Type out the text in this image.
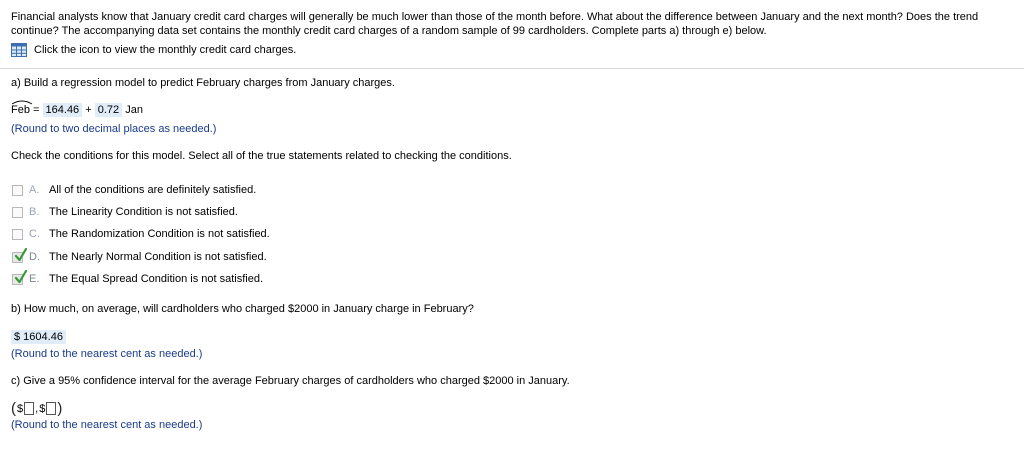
Financial analysts know that January credit card charges will generally be much lower than those of the month before. What about the difference between January and the next month? Does the trend continue? The accompanying data set contains the monthly credit card charges of a random sample of 99 cardholders. Complete parts a) through e) below.
Click the icon to view the monthly credit card charges.
a) Build a regression model to predict February charges from January charges.
Feb = 164.46 + 0.72 Jan
(Round to two decimal places as needed.)
Check the conditions for this model. Select all of the true statements related to checking the conditions.
A. All of the conditions are definitely satisfied.
B. The Linearity Condition is not satisfied.
C. The Randomization Condition is not satisfied.
D. The Nearly Normal Condition is not satisfied.
E. The Equal Spread Condition is not satisfied.
b) How much, on average, will cardholders who charged $2000 in January charge in February?
$ 1604.46
(Round to the nearest cent as needed.)
c) Give a 95% confidence interval for the average February charges of cardholders who charged $2000 in January.
( $ , $ )
(Round to the nearest cent as needed.)
